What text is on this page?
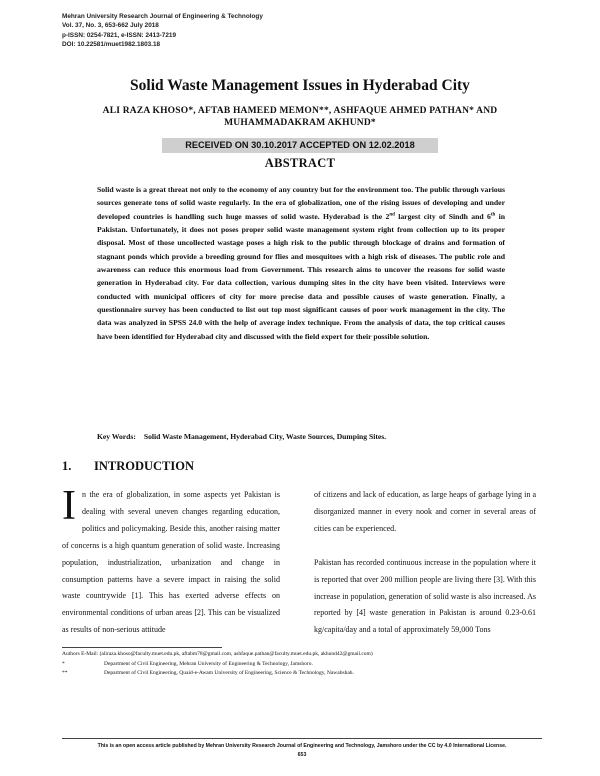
Mehran University Research Journal of Engineering & Technology
Vol. 37, No. 3, 653-662 July 2018
p-ISSN: 0254-7821, e-ISSN: 2413-7219
DOI: 10.22581/muet1982.1803.18
Solid Waste Management Issues in Hyderabad City
ALI RAZA KHOSO*, AFTAB HAMEED MEMON**, ASHFAQUE AHMED PATHAN* AND
MUHAMMADAKRAM AKHUND*
RECEIVED ON 30.10.2017 ACCEPTED ON 12.02.2018
ABSTRACT
Solid waste is a great threat not only to the economy of any country but for the environment too. The public through various sources generate tons of solid waste regularly. In the era of globalization, one of the rising issues of developing and under developed countries is handling such huge masses of solid waste. Hyderabad is the 2nd largest city of Sindh and 6th in Pakistan. Unfortunately, it does not poses proper solid waste management system right from collection up to its proper disposal. Most of those uncollected wastage poses a high risk to the public through blockage of drains and formation of stagnant ponds which provide a breeding ground for flies and mosquitoes with a high risk of diseases. The public role and awareness can reduce this enormous load from Government. This research aims to uncover the reasons for solid waste generation in Hyderabad city. For data collection, various dumping sites in the city have been visited. Interviews were conducted with municipal officers of city for more precise data and possible causes of waste generation. Finally, a questionnaire survey has been conducted to list out top most significant causes of poor work management in the city. The data was analyzed in SPSS 24.0 with the help of average index technique. From the analysis of data, the top critical causes have been identified for Hyderabad city and discussed with the field expert for their possible solution.
Key Words: Solid Waste Management, Hyderabad City, Waste Sources, Dumping Sites.
1. INTRODUCTION

In the era of globalization, in some aspects yet Pakistan is dealing with several uneven changes regarding education, politics and policymaking. Beside this, another raising matter of concerns is a high quantum generation of solid waste. Increasing population, industrialization, urbanization and change in consumption patterns have a severe impact in raising the solid waste countrywide [1]. This has exerted adverse effects on environmental conditions of urban areas [2]. This can be visualized as results of non-serious attitude

of citizens and lack of education, as large heaps of garbage lying in a disorganized manner in every nook and corner in several areas of cities can be experienced.

Pakistan has recorded continuous increase in the population where it is reported that over 200 million people are living there [3]. With this increase in population, generation of solid waste is also increased. As reported by [4] waste generation in Pakistan is around 0.23-0.61 kg/capita/day and a total of approximately 59,000 Tons

Authors E-Mail: (aliraza.khoso@faculty.muet.edu.pk, aftabm78@gmail.com, ashfaque.pathan@faculty.muet.edu.pk, akhund42@gmail.com)
*	Department of Civil Engineering, Mehran University of Engineering & Technology, Jamshoro.
**	Department of Civil Engineering, Quaid-e-Awam University of Engineering, Science & Technology, Nawabshah.
This is an open access article published by Mehran University Research Journal of Engineering and Technology, Jamshoro under the CC by 4.0 International License.
653
